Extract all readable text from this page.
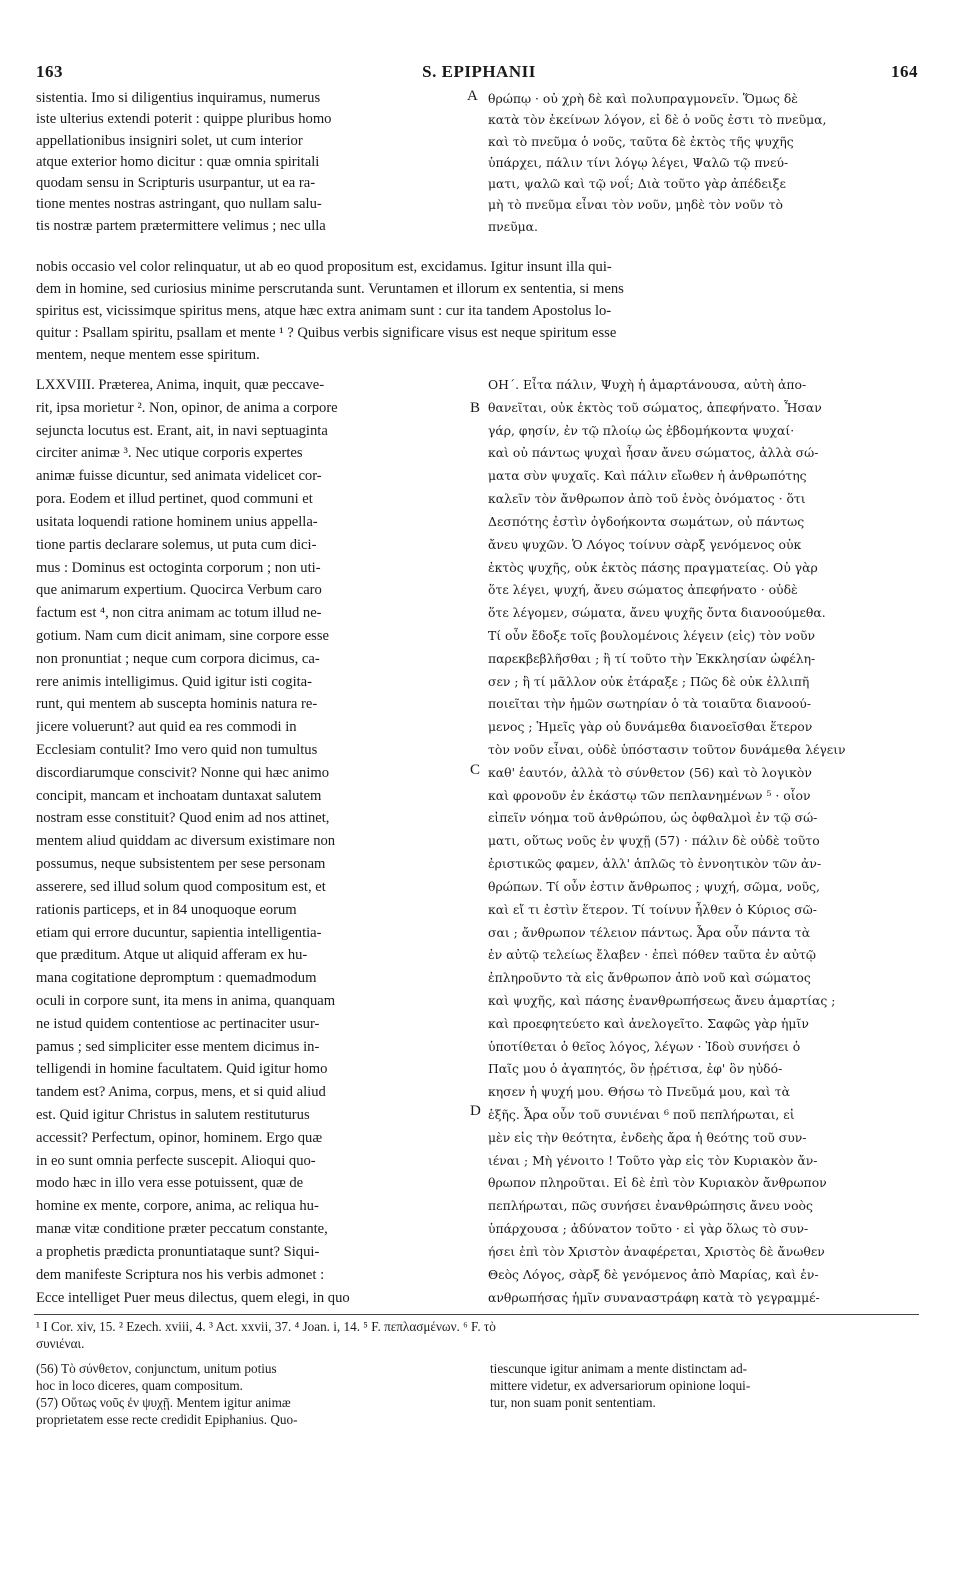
163	S. EPIPHANII	164
A
B
C
D
sistentia. Imo si diligentius inquiramus, numerus
iste ulterius extendi poterit : quippe pluribus homo
appellationibus insigniri solet, ut cum interior
atque exterior homo dicitur : quæ omnia spiritali
quodam sensu in Scripturis usurpantur, ut ea ra-
tione mentes nostras astringant, quo nullam salu-
tis nostræ partem prætermittere velimus ; nec ulla
θρώπῳ · οὐ χρὴ δὲ καὶ πολυπραγμονεῖν. Ὅμως δὲ
κατὰ τὸν ἐκείνων λόγον, εἰ δὲ ὁ νοῦς ἐστι τὸ πνεῦμα,
καὶ τὸ πνεῦμα ὁ νοῦς, ταῦτα δὲ ἐκτὸς τῆς ψυχῆς
ὑπάρχει, πάλιν τίνι λόγῳ λέγει, Ψαλῶ τῷ πνεύ-
ματι, ψαλῶ καὶ τῷ νοΐ; Διὰ τοῦτο γὰρ ἀπέδειξε
μὴ τὸ πνεῦμα εἶναι τὸν νοῦν, μηδὲ τὸν νοῦν τὸ
πνεῦμα.
nobis occasio vel color relinquatur, ut ab eo quod propositum est, excidamus. Igitur insunt illa qui-
dem in homine, sed curiosius minime perscrutanda sunt. Veruntamen et illorum ex sententia, si mens
spiritus est, vicissimque spiritus mens, atque hæc extra animam sunt : cur ita tandem Apostolus lo-
quitur : Psallam spiritu, psallam et mente ¹ ? Quibus verbis significare visus est neque spiritum esse
mentem, neque mentem esse spiritum.
LXXVIII. Præterea, Anima, inquit, quæ peccave-
rit, ipsa morietur ². Non, opinor, de anima a corpore
sejuncta locutus est. Erant, ait, in navi septuaginta
circiter animæ ³. Nec utique corporis expertes
animæ fuisse dicuntur, sed animata videlicet cor-
pora. Eodem et illud pertinet, quod communi et
usitata loquendi ratione hominem unius appella-
tione partis declarare solemus, ut puta cum dici-
mus : Dominus est octoginta corporum ; non uti-
que animarum expertium. Quocirca Verbum caro
factum est ⁴, non citra animam ac totum illud ne-
gotium. Nam cum dicit animam, sine corpore esse
non pronuntiat ; neque cum corpora dicimus, ca-
rere animis intelligimus. Quid igitur isti cogita-
runt, qui mentem ab suscepta hominis natura re-
jicere voluerunt? aut quid ea res commodi in
Ecclesiam contulit? Imo vero quid non tumultus
discordiarumque conscivit? Nonne qui hæc animo
concipit, mancam et inchoatam duntaxat salutem
nostram esse constituit? Quod enim ad nos attinet,
mentem aliud quiddam ac diversum existimare non
possumus, neque subsistentem per sese personam
asserere, sed illud solum quod compositum est, et
rationis particeps, et in 84 unoquoque eorum
etiam qui errore ducuntur, sapientia intelligentia-
que præditum. Atque ut aliquid afferam ex hu-
mana cogitatione depromptum : quemadmodum
oculi in corpore sunt, ita mens in anima, quanquam
ne istud quidem contentiose ac pertinaciter usur-
pamus ; sed simpliciter esse mentem dicimus in-
telligendi in homine facultatem. Quid igitur homo
tandem est? Anima, corpus, mens, et si quid aliud
est. Quid igitur Christus in salutem restituturus
accessit? Perfectum, opinor, hominem. Ergo quæ
in eo sunt omnia perfecte suscepit. Alioqui quo-
modo hæc in illo vera esse potuissent, quæ de
homine ex mente, corpore, anima, ac reliqua hu-
manæ vitæ conditione præter peccatum constante,
a prophetis prædicta pronuntiataque sunt? Siqui-
dem manifeste Scriptura nos his verbis admonet :
Ecce intelliget Puer meus dilectus, quem elegi, in quo
ΟΗ΄. Εἶτα πάλιν, Ψυχὴ ἡ ἁμαρτάνουσα, αὐτὴ ἀπο-
θανεῖται, οὐκ ἐκτὸς τοῦ σώματος, ἀπεφήνατο. Ἦσαν
γάρ, φησίν, ἐν τῷ πλοίῳ ὡς ἑβδομήκοντα ψυχαί·
καὶ οὐ πάντως ψυχαὶ ἦσαν ἄνευ σώματος, ἀλλὰ σώ-
ματα σὺν ψυχαῖς. Καὶ πάλιν εἴωθεν ἡ ἀνθρωπότης
καλεῖν τὸν ἄνθρωπον ἀπὸ τοῦ ἑνὸς ὀνόματος · ὅτι
Δεσπότης ἐστὶν ὀγδοήκοντα σωμάτων, οὐ πάντως
ἄνευ ψυχῶν. Ὁ Λόγος τοίνυν σὰρξ γενόμενος οὐκ
ἐκτὸς ψυχῆς, οὐκ ἐκτὸς πάσης πραγματείας. Οὐ γὰρ
ὅτε λέγει, ψυχή, ἄνευ σώματος ἀπεφήνατο · οὐδὲ
ὅτε λέγομεν, σώματα, ἄνευ ψυχῆς ὄντα διανοούμεθα.
Τί οὖν ἔδοξε τοῖς βουλομένοις λέγειν (εἰς) τὸν νοῦν
παρεκβεβλῆσθαι ; ἢ τί τοῦτο τὴν Ἐκκλησίαν ὠφέλη-
σεν ; ἢ τί μᾶλλον οὐκ ἐτάραξε ; Πῶς δὲ οὐκ ἐλλιπῆ
ποιεῖται τὴν ἡμῶν σωτηρίαν ὁ τὰ τοιαῦτα διανοού-
μενος ; Ἡμεῖς γὰρ οὐ δυνάμεθα διανοεῖσθαι ἕτερον
τὸν νοῦν εἶναι, οὐδὲ ὑπόστασιν τοῦτον δυνάμεθα λέγειν
καθ' ἑαυτόν, ἀλλὰ τὸ σύνθετον (56) καὶ τὸ λογικὸν
καὶ φρονοῦν ἐν ἑκάστῳ τῶν πεπλανημένων ⁵ · οἷον
εἰπεῖν νόημα τοῦ ἀνθρώπου, ὡς ὀφθαλμοὶ ἐν τῷ σώ-
ματι, οὕτως νοῦς ἐν ψυχῇ (57) · πάλιν δὲ οὐδὲ τοῦτο
ἐριστικῶς φαμεν, ἀλλ' ἁπλῶς τὸ ἐννοητικὸν τῶν ἀν-
θρώπων. Τί οὖν ἐστιν ἄνθρωπος ; ψυχή, σῶμα, νοῦς,
καὶ εἴ τι ἐστὶν ἕτερον. Τί τοίνυν ἦλθεν ὁ Κύριος σῶ-
σαι ; ἄνθρωπον τέλειον πάντως. Ἆρα οὖν πάντα τὰ
ἐν αὐτῷ τελείως ἔλαβεν · ἐπεὶ πόθεν ταῦτα ἐν αὐτῷ
ἐπληροῦντο τὰ εἰς ἄνθρωπον ἀπὸ νοῦ καὶ σώματος
καὶ ψυχῆς, καὶ πάσης ἐνανθρωπήσεως ἄνευ ἁμαρτίας ;
καὶ προεφητεύετο καὶ ἀνελογεῖτο. Σαφῶς γὰρ ἡμῖν
ὑποτίθεται ὁ θεῖος λόγος, λέγων · Ἰδοὺ συνήσει ὁ
Παῖς μου ὁ ἀγαπητός, ὃν ᾑρέτισα, ἐφ' ὃν ηὐδό-
κησεν ἡ ψυχή μου. Θήσω τὸ Πνεῦμά μου, καὶ τὰ
ἑξῆς. Ἆρα οὖν τοῦ συνιέναι ⁶ ποῦ πεπλήρωται, εἰ
μὲν εἰς τὴν θεότητα, ἐνδεὴς ἄρα ἡ θεότης τοῦ συν-
ιέναι ; Μὴ γένοιτο ! Τοῦτο γὰρ εἰς τὸν Κυριακὸν ἄν-
θρωπον πληροῦται. Εἰ δὲ ἐπὶ τὸν Κυριακὸν ἄνθρωπον
πεπλήρωται, πῶς συνήσει ἐνανθρώπησις ἄνευ νοὸς
ὑπάρχουσα ; ἀδύνατον τοῦτο · εἰ γὰρ ὅλως τὸ συν-
ήσει ἐπὶ τὸν Χριστὸν ἀναφέρεται, Χριστὸς δὲ ἄνωθεν
Θεὸς Λόγος, σὰρξ δὲ γενόμενος ἀπὸ Μαρίας, καὶ ἐν-
ανθρωπήσας ἡμῖν συναναστράφη κατὰ τὸ γεγραμμέ-
¹ I Cor. xiv, 15. ² Ezech. xviii, 4. ³ Act. xxvii, 37. ⁴ Joan. i, 14. ⁵ F. πεπλασμένων. ⁶ F. τὸ
συνιέναι.
(56) Τὸ σύνθετον, conjunctum, unitum potius
hoc in loco diceres, quam compositum.
(57) Οὕτως νοῦς ἐν ψυχῇ. Mentem igitur animæ
proprietatem esse recte credidit Epiphanius. Quo-
tiescunque igitur animam a mente distinctam ad-
mittere videtur, ex adversariorum opinione loqui-
tur, non suam ponit sententiam.
